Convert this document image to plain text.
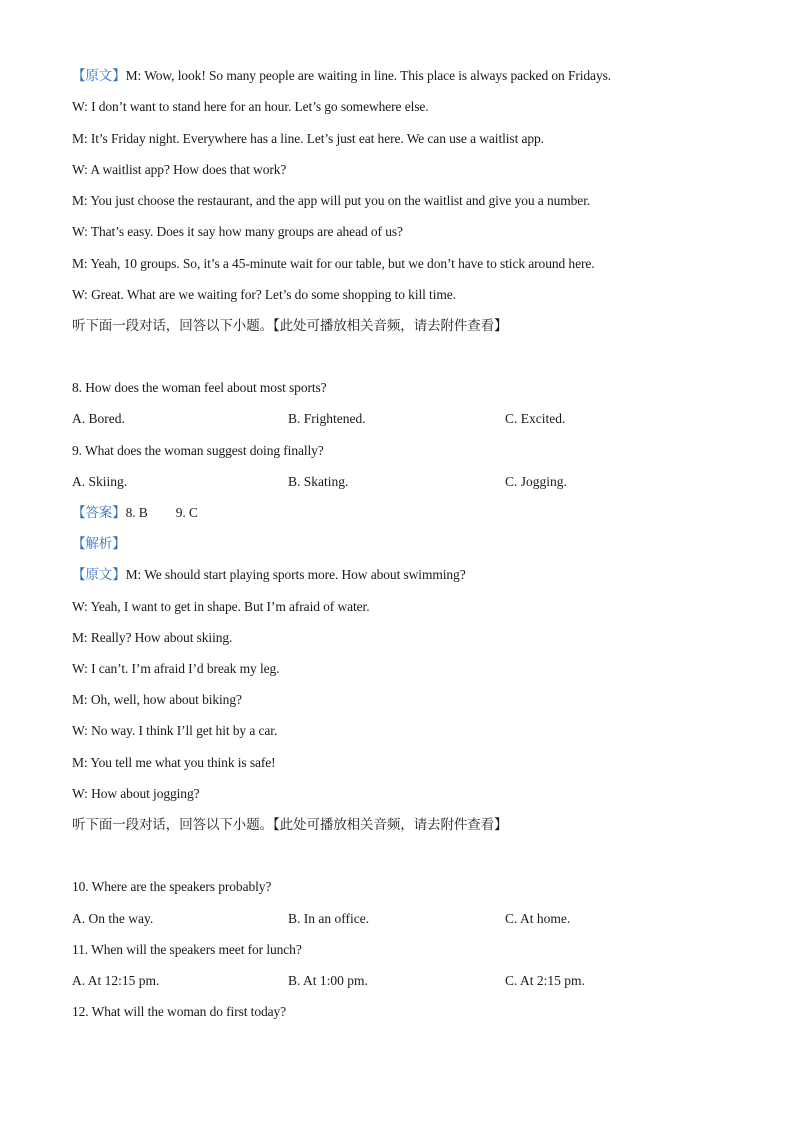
【原文】M: Wow, look! So many people are waiting in line. This place is always packed on Fridays.
W: I don’t want to stand here for an hour. Let’s go somewhere else.
M: It’s Friday night. Everywhere has a line. Let’s just eat here. We can use a waitlist app.
W: A waitlist app? How does that work?
M: You just choose the restaurant, and the app will put you on the waitlist and give you a number.
W: That’s easy. Does it say how many groups are ahead of us?
M: Yeah, 10 groups. So, it’s a 45-minute wait for our table, but we don’t have to stick around here.
W: Great. What are we waiting for? Let’s do some shopping to kill time.
听下面一段对话，回答以下小题。【此处可播放相关音频，请去附件查看】
8. How does the woman feel about most sports?
A. Bored.	B. Frightened.	C. Excited.
9. What does the woman suggest doing finally?
A. Skiing.	B. Skating.	C. Jogging.
【答案】8. B 9. C
【解析】
【原文】M: We should start playing sports more. How about swimming?
W: Yeah, I want to get in shape. But I’m afraid of water.
M: Really? How about skiing.
W: I can’t. I’m afraid I’d break my leg.
M: Oh, well, how about biking?
W: No way. I think I’ll get hit by a car.
M: You tell me what you think is safe!
W: How about jogging?
听下面一段对话，回答以下小题。【此处可播放相关音频，请去附件查看】
10. Where are the speakers probably?
A. On the way.	B. In an office.	C. At home.
11. When will the speakers meet for lunch?
A. At 12:15 pm.	B. At 1:00 pm.	C. At 2:15 pm.
12. What will the woman do first today?
